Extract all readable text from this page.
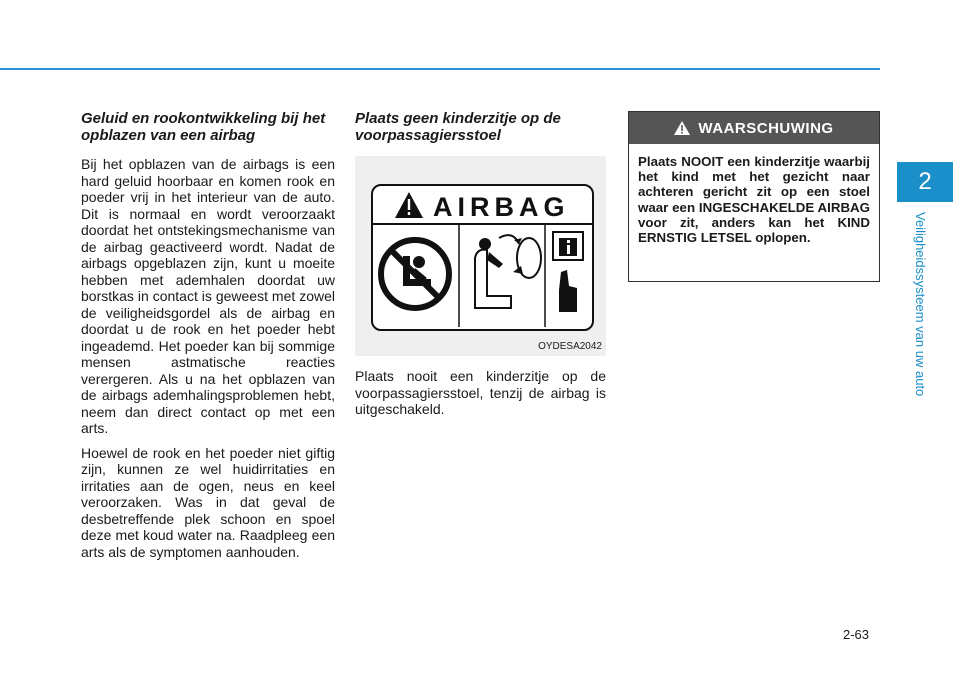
2
Veiligheidssysteem van uw auto
Geluid en rookontwikkeling bij het opblazen van een airbag

Bij het opblazen van de airbags is een hard geluid hoorbaar en komen rook en poeder vrij in het interieur van de auto. Dit is normaal en wordt veroorzaakt doordat het ontstekingsmechanisme van de airbag geactiveerd wordt. Nadat de airbags opgeblazen zijn, kunt u moeite hebben met ademhalen doordat uw borstkas in contact is geweest met zowel de veiligheidsgordel als de airbag en doordat u de rook en het poeder hebt ingeademd. Het poeder kan bij sommige mensen astmatische reacties verergeren. Als u na het opblazen van de airbags ademhalingsproblemen hebt, neem dan direct contact op met een arts.

Hoewel de rook en het poeder niet giftig zijn, kunnen ze wel huidirritaties en irritaties aan de ogen, neus en keel veroorzaken. Was in dat geval de desbetreffende plek schoon en spoel deze met koud water na. Raadpleeg een arts als de symptomen aanhouden.

Plaats geen kinderzitje op de voorpassagiersstoel
AIRBAG
OYDESA2042

Plaats nooit een kinderzitje op de voorpassagiersstoel, tenzij de airbag is uitgeschakeld.

WAARSCHUWING

Plaats NOOIT een kinderzitje waarbij het kind met het gezicht naar achteren gericht zit op een stoel waar een INGESCHAKELDE AIRBAG voor zit, anders kan het KIND ERNSTIG LETSEL oplopen.

2-63
